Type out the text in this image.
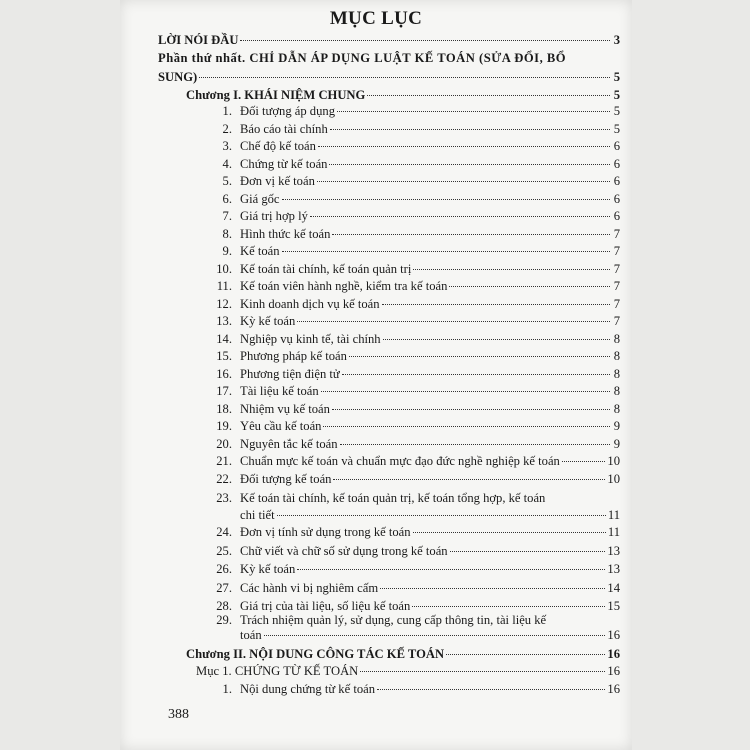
MỤC LỤC
LỜI NÓI ĐẦU	3
Phần thứ nhất. CHỈ DẪN ÁP DỤNG LUẬT KẾ TOÁN (SỬA ĐỔI, BỔ
SUNG)	5
Chương I. KHÁI NIỆM CHUNG	5
1. Đối tượng áp dụng	5
2. Báo cáo tài chính	5
3. Chế độ kế toán	6
4. Chứng từ kế toán	6
5. Đơn vị kế toán	6
6. Giá gốc	6
7. Giá trị hợp lý	6
8. Hình thức kế toán	7
9. Kế toán	7
10. Kế toán tài chính, kế toán quản trị	7
11. Kế toán viên hành nghề, kiểm tra kế toán	7
12. Kinh doanh dịch vụ kế toán	7
13. Kỳ kế toán	7
14. Nghiệp vụ kinh tế, tài chính	8
15. Phương pháp kế toán	8
16. Phương tiện điện tử	8
17. Tài liệu kế toán	8
18. Nhiệm vụ kế toán	8
19. Yêu cầu kế toán	9
20. Nguyên tắc kế toán	9
21. Chuẩn mực kế toán và chuẩn mực đạo đức nghề nghiệp kế toán	10
22. Đối tượng kế toán	10
23. Kế toán tài chính, kế toán quản trị, kế toán tổng hợp, kế toán
chi tiết	11
24. Đơn vị tính sử dụng trong kế toán	11
25. Chữ viết và chữ số sử dụng trong kế toán	13
26. Kỳ kế toán	13
27. Các hành vi bị nghiêm cấm	14
28. Giá trị của tài liệu, số liệu kế toán	15
29. Trách nhiệm quản lý, sử dụng, cung cấp thông tin, tài liệu kế
toán	16
Chương II. NỘI DUNG CÔNG TÁC KẾ TOÁN	16
Mục 1. CHỨNG TỪ KẾ TOÁN	16
1. Nội dung chứng từ kế toán	16
388
